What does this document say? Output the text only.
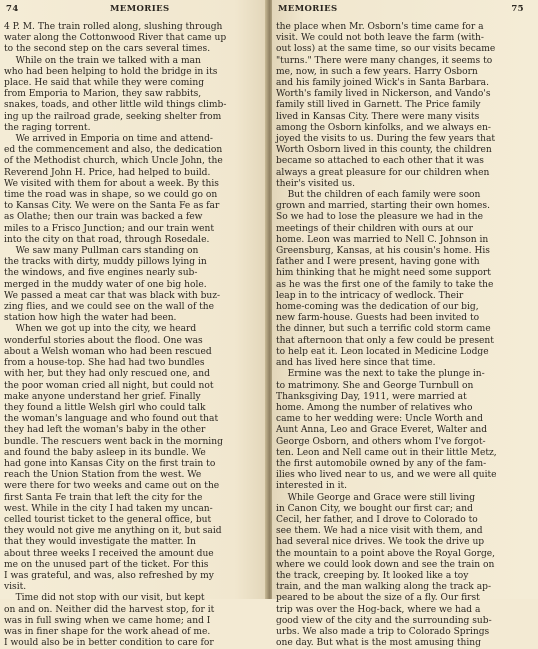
74	MEMORIES
4 P. M. The train rolled along, slushing through
water along the Cottonwood River that came up
to the second step on the cars several times.
While on the train we talked with a man
who had been helping to hold the bridge in its
place. He said that while they were coming
from Emporia to Marion, they saw rabbits,
snakes, toads, and other little wild things climb-
ing up the railroad grade, seeking shelter from
the raging torrent.
We arrived in Emporia on time and attend-
ed the commencement and also, the dedication
of the Methodist church, which Uncle John, the
Reverend John H. Price, had helped to build.
We visited with them for about a week. By this
time the road was in shape, so we could go on
to Kansas City. We were on the Santa Fe as far
as Olathe; then our train was backed a few
miles to a Frisco Junction; and our train went
into the city on that road, through Rosedale.
We saw many Pullman cars standing on
the tracks with dirty, muddy pillows lying in
the windows, and five engines nearly sub-
merged in the muddy water of one big hole.
We passed a meat car that was black with buz-
zing flies, and we could see on the wall of the
station how high the water had been.
When we got up into the city, we heard
wonderful stories about the flood. One was
about a Welsh woman who had been rescued
from a house-top. She had had two bundles
with her, but they had only rescued one, and
the poor woman cried all night, but could not
make anyone understand her grief. Finally
they found a little Welsh girl who could talk
the woman's language and who found out that
they had left the woman's baby in the other
bundle. The rescuers went back in the morning
and found the baby asleep in its bundle. We
had gone into Kansas City on the first train to
reach the Union Station from the west. We
were there for two weeks and came out on the
first Santa Fe train that left the city for the
west. While in the city I had taken my uncan-
celled tourist ticket to the general office, but
they would not give me anything on it, but said
that they would investigate the matter. In
about three weeks I received the amount due
me on the unused part of the ticket. For this
I was grateful, and was, also refreshed by my
visit.
Time did not stop with our visit, but kept
on and on. Neither did the harvest stop, for it
was in full swing when we came home; and I
was in finer shape for the work ahead of me.
I would also be in better condition to care for
MEMORIES	75
the place when Mr. Osborn's time came for a
visit. We could not both leave the farm (with-
out loss) at the same time, so our visits became
"turns." There were many changes, it seems to
me, now, in such a few years. Harry Osborn
and his family joined Wick's in Santa Barbara.
Worth's family lived in Nickerson, and Vando's
family still lived in Garnett. The Price family
lived in Kansas City. There were many visits
among the Osborn kinfolks, and we always en-
joyed the visits to us. During the few years that
Worth Osborn lived in this county, the children
became so attached to each other that it was
always a great pleasure for our children when
their's visited us.
But the children of each family were soon
grown and married, starting their own homes.
So we had to lose the pleasure we had in the
meetings of their children with ours at our
home. Leon was married to Nell C. Johnson in
Greensburg, Kansas, at his cousin's home. His
father and I were present, having gone with
him thinking that he might need some support
as he was the first one of the family to take the
leap in to the intricacy of wedlock. Their
home-coming was the dedication of our big,
new farm-house. Guests had been invited to
the dinner, but such a terrific cold storm came
that afternoon that only a few could be present
to help eat it. Leon located in Medicine Lodge
and has lived here since that time.
Ermine was the next to take the plunge in-
to matrimony. She and George Turnbull on
Thanksgiving Day, 1911, were married at
home. Among the number of relatives who
came to her wedding were: Uncle Worth and
Aunt Anna, Leo and Grace Everet, Walter and
George Osborn, and others whom I've forgot-
ten. Leon and Nell came out in their little Metz,
the first automobile owned by any of the fam-
ilies who lived near to us, and we were all quite
interested in it.
While George and Grace were still living
in Canon City, we bought our first car; and
Cecil, her father, and I drove to Colorado to
see them. We had a nice visit with them, and
had several nice drives. We took the drive up
the mountain to a point above the Royal Gorge,
where we could look down and see the train on
the track, creeping by. It looked like a toy
train, and the man walking along the track ap-
peared to be about the size of a fly. Our first
trip was over the Hog-back, where we had a
good view of the city and the surrounding sub-
urbs. We also made a trip to Colorado Springs
one day. But what is the most amusing thing
